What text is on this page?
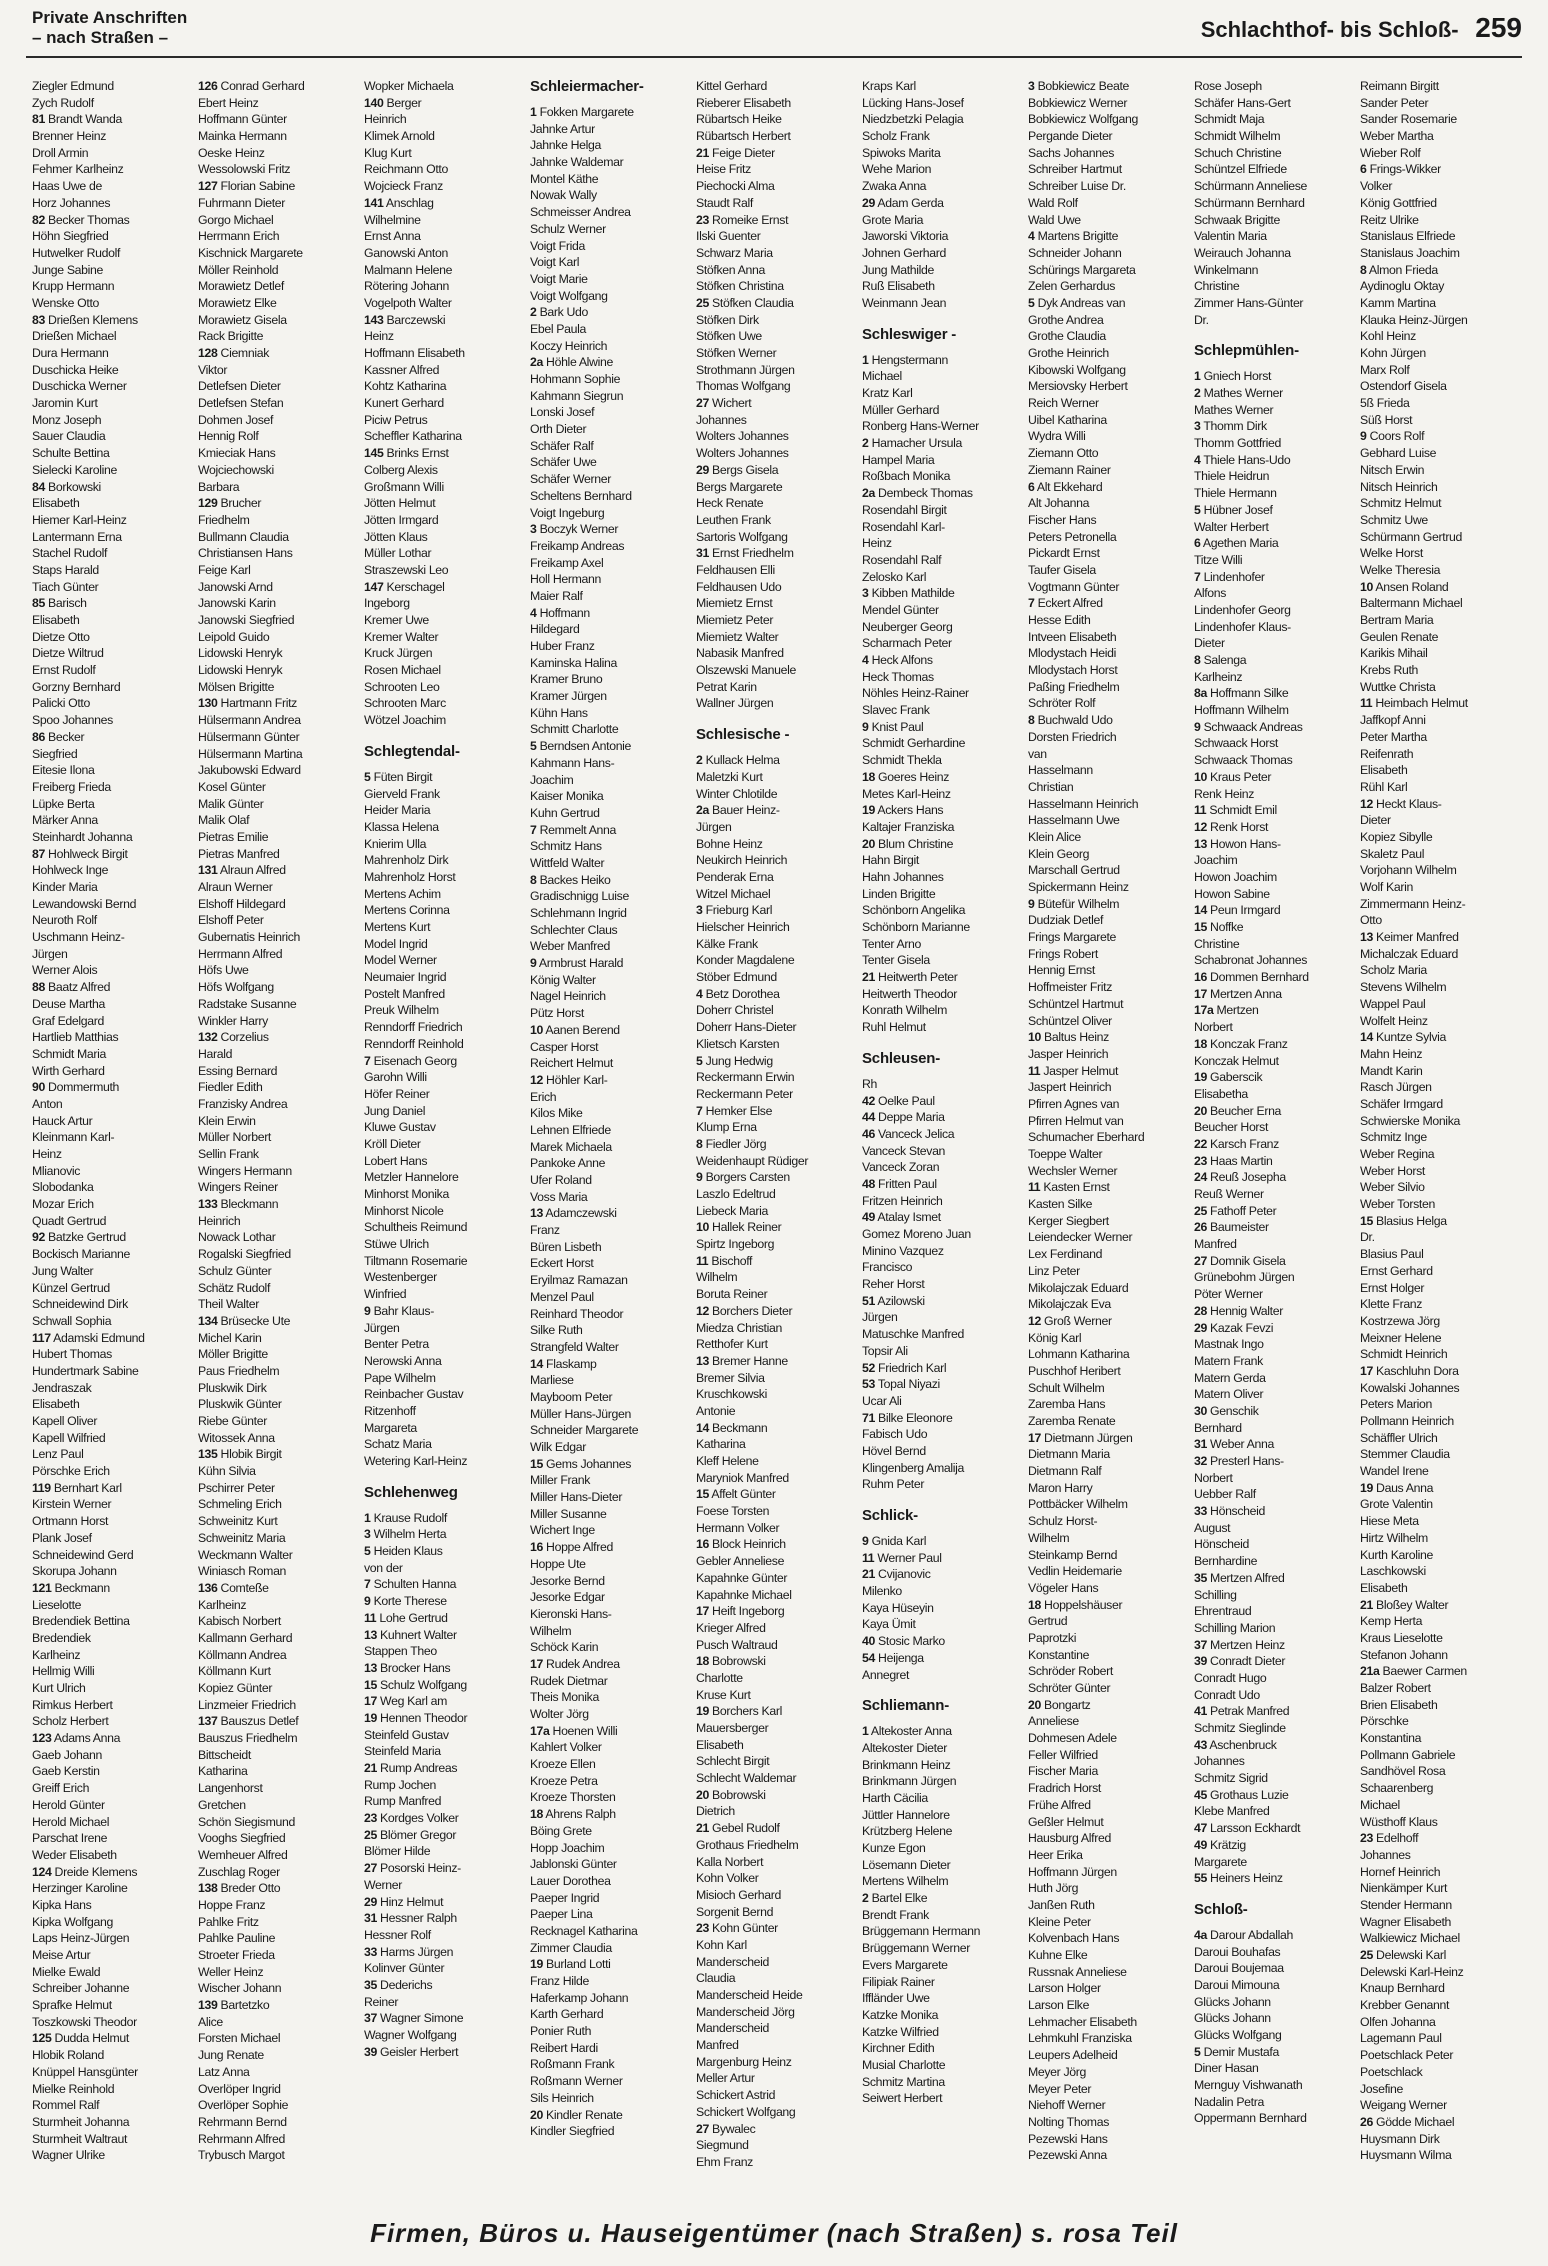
Private Anschriften
– nach Straßen –	Schlachthof- bis Schloß- 259
Ziegler Edmund
Zych Rudolf
81 Brandt Wanda
Brenner Heinz
Droll Armin
Fehmer Karlheinz
Haas Uwe de
Horz Johannes
82 Becker Thomas
Höhn Siegfried
Hutwelker Rudolf
Junge Sabine
Krupp Hermann
Wenske Otto
83 Drießen Klemens
Drießen Michael
Dura Hermann
Duschicka Heike
Duschicka Werner
Jaromin Kurt
Monz Joseph
Sauer Claudia
Schulte Bettina
Sielecki Karoline
84 Borkowski
Elisabeth
Hiemer Karl-Heinz
Lantermann Erna
Stachel Rudolf
Staps Harald
Tiach Günter
85 Barisch
Elisabeth
Dietze Otto
Dietze Wiltrud
Ernst Rudolf
Gorzny Bernhard
Palicki Otto
Spoo Johannes
86 Becker
Siegfried
Eitesie Ilona
Freiberg Frieda
Lüpke Berta
Märker Anna
Steinhardt Johanna
87 Hohlweck Birgit
Hohlweck Inge
Kinder Maria
Lewandowski Bernd
Neuroth Rolf
Uschmann Heinz-
Jürgen
Werner Alois
88 Baatz Alfred
Deuse Martha
Graf Edelgard
Hartlieb Matthias
Schmidt Maria
Wirth Gerhard
90 Dommermuth
Anton
Hauck Artur
Kleinmann Karl-
Heinz
Mlianovic
Slobodanka
Mozar Erich
Quadt Gertrud
92 Batzke Gertrud
Bockisch Marianne
Jung Walter
Künzel Gertrud
Schneidewind Dirk
Schwall Sophia
117 Adamski Edmund
Hubert Thomas
Hundertmark Sabine
Jendraszak
Elisabeth
Kapell Oliver
Kapell Wilfried
Lenz Paul
Pörschke Erich
119 Bernhart Karl
Kirstein Werner
Ortmann Horst
Plank Josef
Schneidewind Gerd
Skorupa Johann
121 Beckmann
Lieselotte
Bredendiek Bettina
Bredendiek
Karlheinz
Hellmig Willi
Kurt Ulrich
Rimkus Herbert
Scholz Herbert
123 Adams Anna
Gaeb Johann
Gaeb Kerstin
Greiff Erich
Herold Günter
Herold Michael
Parschat Irene
Weder Elisabeth
124 Dreide Klemens
Herzinger Karoline
Kipka Hans
Kipka Wolfgang
Laps Heinz-Jürgen
Meise Artur
Mielke Ewald
Schreiber Johanne
Sprafke Helmut
Toszkowski Theodor
125 Dudda Helmut
Hlobik Roland
Knüppel Hansgünter
Mielke Reinhold
Rommel Ralf
Sturmheit Johanna
Sturmheit Waltraut
Wagner Ulrike
126 Conrad Gerhard
Ebert Heinz
Hoffmann Günter
Mainka Hermann
Oeske Heinz
Wessolowski Fritz
127 Florian Sabine
Fuhrmann Dieter
Gorgo Michael
Herrmann Erich
Kischnick Margarete
Möller Reinhold
Morawietz Detlef
Morawietz Elke
Morawietz Gisela
Rack Brigitte
128 Ciemniak
Viktor
Detlefsen Dieter
Detlefsen Stefan
Dohmen Josef
Hennig Rolf
Kmieciak Hans
Wojciechowski
Barbara
129 Brucher
Friedhelm
Bullmann Claudia
Christiansen Hans
Feige Karl
Janowski Arnd
Janowski Karin
Janowski Siegfried
Leipold Guido
Lidowski Henryk
Lidowski Henryk
Mölsen Brigitte
130 Hartmann Fritz
Hülsermann Andrea
Hülsermann Günter
Hülsermann Martina
Jakubowski Edward
Kosel Günter
Malik Günter
Malik Olaf
Pietras Emilie
Pietras Manfred
131 Alraun Alfred
Alraun Werner
Elshoff Hildegard
Elshoff Peter
Gubernatis Heinrich
Herrmann Alfred
Höfs Uwe
Höfs Wolfgang
Radstake Susanne
Winkler Harry
132 Corzelius
Harald
Essing Bernard
Fiedler Edith
Franzisky Andrea
Klein Erwin
Müller Norbert
Sellin Frank
Wingers Hermann
Wingers Reiner
133 Bleckmann
Heinrich
Nowack Lothar
Rogalski Siegfried
Schulz Günter
Schätz Rudolf
Theil Walter
134 Brüsecke Ute
Michel Karin
Möller Brigitte
Paus Friedhelm
Pluskwik Dirk
Pluskwik Günter
Riebe Günter
Witossek Anna
135 Hlobik Birgit
Kühn Silvia
Pschirrer Peter
Schmeling Erich
Schweinitz Kurt
Schweinitz Maria
Weckmann Walter
Winiasch Roman
136 Comteße
Karlheinz
Kabisch Norbert
Kallmann Gerhard
Köllmann Andrea
Köllmann Kurt
Kopiez Günter
Linzmeier Friedrich
137 Bauszus Detlef
Bauszus Friedhelm
Bittscheidt
Katharina
Langenhorst
Gretchen
Schön Siegismund
Vooghs Siegfried
Wemheuer Alfred
Zuschlag Roger
138 Breder Otto
Hoppe Franz
Pahlke Fritz
Pahlke Pauline
Stroeter Frieda
Weller Heinz
Wischer Johann
139 Bartetzko
Alice
Forsten Michael
Jung Renate
Latz Anna
Overlöper Ingrid
Overlöper Sophie
Rehrmann Bernd
Rehrmann Alfred
Trybusch Margot
Wopker Michaela
140 Berger
Heinrich
Klimek Arnold
Klug Kurt
Reichmann Otto
Wojcieck Franz
141 Anschlag
Wilhelmine
Ernst Anna
Ganowski Anton
Malmann Helene
Rötering Johann
Vogelpoth Walter
143 Barczewski
Heinz
Hoffmann Elisabeth
Kassner Alfred
Kohtz Katharina
Kunert Gerhard
Piciw Petrus
Scheffler Katharina
145 Brinks Ernst
Colberg Alexis
Großmann Willi
Jötten Helmut
Jötten Irmgard
Jötten Klaus
Müller Lothar
Straszewski Leo
147 Kerschagel
Ingeborg
Kremer Uwe
Kremer Walter
Kruck Jürgen
Rosen Michael
Schrooten Leo
Schrooten Marc
Wötzel Joachim
Schlegtendal-
5 Füten Birgit
Gierveld Frank
Heider Maria
Klassa Helena
Knierim Ulla
Mahrenholz Dirk
Mahrenholz Horst
Mertens Achim
Mertens Corinna
Mertens Kurt
Model Ingrid
Model Werner
Neumaier Ingrid
Postelt Manfred
Preuk Wilhelm
Renndorff Friedrich
Renndorff Reinhold
7 Eisenach Georg
Garohn Willi
Höfer Reiner
Jung Daniel
Kluwe Gustav
Kröll Dieter
Lobert Hans
Metzler Hannelore
Minhorst Monika
Minhorst Nicole
Schultheis Reimund
Stüwe Ulrich
Tiltmann Rosemarie
Westenberger
Winfried
9 Bahr Klaus-
Jürgen
Benter Petra
Nerowski Anna
Pape Wilhelm
Reinbacher Gustav
Ritzenhoff
Margareta
Schatz Maria
Wetering Karl-Heinz
Schlehenweg
1 Krause Rudolf
3 Wilhelm Herta
5 Heiden Klaus
von der
7 Schulten Hanna
9 Korte Therese
11 Lohe Gertrud
13 Kuhnert Walter
Stappen Theo
13 Brocker Hans
15 Schulz Wolfgang
17 Weg Karl am
19 Hennen Theodor
Steinfeld Gustav
Steinfeld Maria
21 Rump Andreas
Rump Jochen
Rump Manfred
23 Kordges Volker
25 Blömer Gregor
Blömer Hilde
27 Posorski Heinz-
Werner
29 Hinz Helmut
31 Hessner Ralph
Hessner Rolf
33 Harms Jürgen
Kolinver Günter
35 Dederichs
Reiner
37 Wagner Simone
Wagner Wolfgang
39 Geisler Herbert
Schleiermacher-
1 Fokken Margarete
Jahnke Artur
Jahnke Helga
Jahnke Waldemar
Montel Käthe
Nowak Wally
Schmeisser Andrea
Schulz Werner
Voigt Frida
Voigt Karl
Voigt Marie
Voigt Wolfgang
2 Bark Udo
Ebel Paula
Koczy Heinrich
2a Höhle Alwine
Hohmann Sophie
Kahmann Siegrun
Lonski Josef
Orth Dieter
Schäfer Ralf
Schäfer Uwe
Schäfer Werner
Scheltens Bernhard
Voigt Ingeburg
3 Boczyk Werner
Freikamp Andreas
Freikamp Axel
Holl Hermann
Maier Ralf
4 Hoffmann
Hildegard
Huber Franz
Kaminska Halina
Kramer Bruno
Kramer Jürgen
Kühn Hans
Schmitt Charlotte
5 Berndsen Antonie
Kahmann Hans-
Joachim
Kaiser Monika
Kuhn Gertrud
7 Remmelt Anna
Schmitz Hans
Wittfeld Walter
8 Backes Heiko
Gradischnigg Luise
Schlehmann Ingrid
Schlechter Claus
Weber Manfred
9 Armbrust Harald
König Walter
Nagel Heinrich
Pütz Horst
10 Aanen Berend
Casper Horst
Reichert Helmut
12 Höhler Karl-
Erich
Kilos Mike
Lehnen Elfriede
Marek Michaela
Pankoke Anne
Ufer Roland
Voss Maria
13 Adamczewski
Franz
Büren Lisbeth
Eckert Horst
Eryilmaz Ramazan
Menzel Paul
Reinhard Theodor
Silke Ruth
Strangfeld Walter
14 Flaskamp
Marliese
Mayboom Peter
Müller Hans-Jürgen
Schneider Margarete
Wilk Edgar
15 Gems Johannes
Miller Frank
Miller Hans-Dieter
Miller Susanne
Wichert Inge
16 Hoppe Alfred
Hoppe Ute
Jesorke Bernd
Jesorke Edgar
Kieronski Hans-
Wilhelm
Schöck Karin
17 Rudek Andrea
Rudek Dietmar
Theis Monika
Wolter Jörg
17a Hoenen Willi
Kahlert Volker
Kroeze Ellen
Kroeze Petra
Kroeze Thorsten
18 Ahrens Ralph
Böing Grete
Hopp Joachim
Jablonski Günter
Lauer Dorothea
Paeper Ingrid
Paeper Lina
Recknagel Katharina
Zimmer Claudia
19 Burland Lotti
Franz Hilde
Haferkamp Johann
Karth Gerhard
Ponier Ruth
Reibert Hardi
Roßmann Frank
Roßmann Werner
Sils Heinrich
20 Kindler Renate
Kindler Siegfried
Kittel Gerhard
Rieberer Elisabeth
Rübartsch Heike
Rübartsch Herbert
21 Feige Dieter
Heise Fritz
Piechocki Alma
Staudt Ralf
23 Romeike Ernst
Ilski Guenter
Schwarz Maria
Stöfken Anna
Stöfken Christina
25 Stöfken Claudia
Stöfken Dirk
Stöfken Uwe
Stöfken Werner
Strothmann Jürgen
Thomas Wolfgang
27 Wichert
Johannes
Wolters Johannes
Wolters Johannes
29 Bergs Gisela
Bergs Margarete
Heck Renate
Leuthen Frank
Sartoris Wolfgang
31 Ernst Friedhelm
Feldhausen Elli
Feldhausen Udo
Miemietz Ernst
Miemietz Peter
Miemietz Walter
Nabasik Manfred
Olszewski Manuele
Petrat Karin
Wallner Jürgen
Schlesische -
2 Kullack Helma
Maletzki Kurt
Winter Chlotilde
2a Bauer Heinz-
Jürgen
Bohne Heinz
Neukirch Heinrich
Penderak Erna
Witzel Michael
3 Frieburg Karl
Hielscher Heinrich
Kälke Frank
Konder Magdalene
Stöber Edmund
4 Betz Dorothea
Doherr Christel
Doherr Hans-Dieter
Klietsch Karsten
5 Jung Hedwig
Reckermann Erwin
Reckermann Peter
7 Hemker Else
Klump Erna
8 Fiedler Jörg
Weidenhaupt Rüdiger
9 Borgers Carsten
Laszlo Edeltrud
Liebeck Maria
10 Hallek Reiner
Spirtz Ingeborg
11 Bischoff
Wilhelm
Boruta Reiner
12 Borchers Dieter
Miedza Christian
Retthofer Kurt
13 Bremer Hanne
Bremer Silvia
Kruschkowski
Antonie
14 Beckmann
Katharina
Kleff Helene
Maryniok Manfred
15 Affelt Günter
Foese Torsten
Hermann Volker
16 Block Heinrich
Gebler Anneliese
Kapahnke Günter
Kapahnke Michael
17 Heift Ingeborg
Krieger Alfred
Pusch Waltraud
18 Bobrowski
Charlotte
Kruse Kurt
19 Borchers Karl
Mauersberger
Elisabeth
Schlecht Birgit
Schlecht Waldemar
20 Bobrowski
Dietrich
21 Gebel Rudolf
Grothaus Friedhelm
Kalla Norbert
Kohn Volker
Misioch Gerhard
Sorgenit Bernd
23 Kohn Günter
Kohn Karl
Manderscheid
Claudia
Manderscheid Heide
Manderscheid Jörg
Manderscheid
Manfred
Margenburg Heinz
Meller Artur
Schickert Astrid
Schickert Wolfgang
27 Bywalec
Siegmund
Ehm Franz
Kraps Karl
Lücking Hans-Josef
Niedzbetzki Pelagia
Scholz Frank
Spiwoks Marita
Wehe Marion
Zwaka Anna
29 Adam Gerda
Grote Maria
Jaworski Viktoria
Johnen Gerhard
Jung Mathilde
Ruß Elisabeth
Weinmann Jean
Schleswiger -
1 Hengstermann
Michael
Kratz Karl
Müller Gerhard
Ronberg Hans-Werner
2 Hamacher Ursula
Hampel Maria
Roßbach Monika
2a Dembeck Thomas
Rosendahl Birgit
Rosendahl Karl-
Heinz
Rosendahl Ralf
Zelosko Karl
3 Kibben Mathilde
Mendel Günter
Neuberger Georg
Scharmach Peter
4 Heck Alfons
Heck Thomas
Nöhles Heinz-Rainer
Slavec Frank
9 Knist Paul
Schmidt Gerhardine
Schmidt Thekla
18 Goeres Heinz
Metes Karl-Heinz
19 Ackers Hans
Kaltajer Franziska
20 Blum Christine
Hahn Birgit
Hahn Johannes
Linden Brigitte
Schönborn Angelika
Schönborn Marianne
Tenter Arno
Tenter Gisela
21 Heitwerth Peter
Heitwerth Theodor
Konrath Wilhelm
Ruhl Helmut
Schleusen-
Rh
42 Oelke Paul
44 Deppe Maria
46 Vanceck Jelica
Vanceck Stevan
Vanceck Zoran
48 Fritten Paul
Fritzen Heinrich
49 Atalay Ismet
Gomez Moreno Juan
Minino Vazquez
Francisco
Reher Horst
51 Azilowski
Jürgen
Matuschke Manfred
Topsir Ali
52 Friedrich Karl
53 Topal Niyazi
Ucar Ali
71 Bilke Eleonore
Fabisch Udo
Hövel Bernd
Klingenberg Amalija
Ruhm Peter
Schlick-
9 Gnida Karl
11 Werner Paul
21 Cvijanovic
Milenko
Kaya Hüseyin
Kaya Ümit
40 Stosic Marko
54 Heijenga
Annegret
Schliemann-
1 Altekoster Anna
Altekoster Dieter
Brinkmann Heinz
Brinkmann Jürgen
Harth Cäcilia
Jüttler Hannelore
Krützberg Helene
Kunze Egon
Lösemann Dieter
Mertens Wilhelm
2 Bartel Elke
Brendt Frank
Brüggemann Hermann
Brüggemann Werner
Evers Margarete
Filipiak Rainer
Iffländer Uwe
Katzke Monika
Katzke Wilfried
Kirchner Edith
Musial Charlotte
Schmitz Martina
Seiwert Herbert
3 Bobkiewicz Beate
Bobkiewicz Werner
Bobkiewicz Wolfgang
Pergande Dieter
Sachs Johannes
Schreiber Hartmut
Schreiber Luise Dr.
Wald Rolf
Wald Uwe
4 Martens Brigitte
Schneider Johann
Schürings Margareta
Zelen Gerhardus
5 Dyk Andreas van
Grothe Andrea
Grothe Claudia
Grothe Heinrich
Kibowski Wolfgang
Mersiovsky Herbert
Reich Werner
Uibel Katharina
Wydra Willi
Ziemann Otto
Ziemann Rainer
6 Alt Ekkehard
Alt Johanna
Fischer Hans
Peters Petronella
Pickardt Ernst
Taufer Gisela
Vogtmann Günter
7 Eckert Alfred
Hesse Edith
Intveen Elisabeth
Mlodystach Heidi
Mlodystach Horst
Paßing Friedhelm
Schröter Rolf
8 Buchwald Udo
Dorsten Friedrich
van
Hasselmann
Christian
Hasselmann Heinrich
Hasselmann Uwe
Klein Alice
Klein Georg
Marschall Gertrud
Spickermann Heinz
9 Bütefür Wilhelm
Dudziak Detlef
Frings Margarete
Frings Robert
Hennig Ernst
Hoffmeister Fritz
Schüntzel Hartmut
Schüntzel Oliver
10 Baltus Heinz
Jasper Heinrich
11 Jasper Helmut
Jaspert Heinrich
Pfirren Agnes van
Pfirren Helmut van
Schumacher Eberhard
Toeppe Walter
Wechsler Werner
11 Kasten Ernst
Kasten Silke
Kerger Siegbert
Leiendecker Werner
Lex Ferdinand
Linz Peter
Mikolajczak Eduard
Mikolajczak Eva
12 Groß Werner
König Karl
Lohmann Katharina
Puschhof Heribert
Schult Wilhelm
Zaremba Hans
Zaremba Renate
17 Dietmann Jürgen
Dietmann Maria
Dietmann Ralf
Maron Harry
Pottbäcker Wilhelm
Schulz Horst-
Wilhelm
Steinkamp Bernd
Vedlin Heidemarie
Vögeler Hans
18 Hoppelshäuser
Gertrud
Paprotzki
Konstantine
Schröder Robert
Schröter Günter
20 Bongartz
Anneliese
Dohmesen Adele
Feller Wilfried
Fischer Maria
Fradrich Horst
Frühe Alfred
Geßler Helmut
Hausburg Alfred
Heer Erika
Hoffmann Jürgen
Huth Jörg
Janßen Ruth
Kleine Peter
Kolvenbach Hans
Kuhne Elke
Russnak Anneliese
Larson Holger
Larson Elke
Lehmacher Elisabeth
Lehmkuhl Franziska
Leupers Adelheid
Meyer Jörg
Meyer Peter
Niehoff Werner
Nolting Thomas
Pezewski Hans
Pezewski Anna
Rose Joseph
Schäfer Hans-Gert
Schmidt Maja
Schmidt Wilhelm
Schuch Christine
Schüntzel Elfriede
Schürmann Anneliese
Schürmann Bernhard
Schwaak Brigitte
Valentin Maria
Weirauch Johanna
Winkelmann
Christine
Zimmer Hans-Günter
Dr.
Schlepmühlen-
1 Gniech Horst
2 Mathes Werner
Mathes Werner
3 Thomm Dirk
Thomm Gottfried
4 Thiele Hans-Udo
Thiele Heidrun
Thiele Hermann
5 Hübner Josef
Walter Herbert
6 Agethen Maria
Titze Willi
7 Lindenhofer
Alfons
Lindenhofer Georg
Lindenhofer Klaus-
Dieter
8 Salenga
Karlheinz
8a Hoffmann Silke
Hoffmann Wilhelm
9 Schwaack Andreas
Schwaack Horst
Schwaack Thomas
10 Kraus Peter
Renk Heinz
11 Schmidt Emil
12 Renk Horst
13 Howon Hans-
Joachim
Howon Joachim
Howon Sabine
14 Peun Irmgard
15 Noffke
Christine
Schabronat Johannes
16 Dommen Bernhard
17 Mertzen Anna
17a Mertzen
Norbert
18 Konczak Franz
Konczak Helmut
19 Gaberscik
Elisabetha
20 Beucher Erna
Beucher Horst
22 Karsch Franz
23 Haas Martin
24 Reuß Josepha
Reuß Werner
25 Fathoff Peter
26 Baumeister
Manfred
27 Domnik Gisela
Grünebohm Jürgen
Pöter Werner
28 Hennig Walter
29 Kazak Fevzi
Mastnak Ingo
Matern Frank
Matern Gerda
Matern Oliver
30 Genschik
Bernhard
31 Weber Anna
32 Presterl Hans-
Norbert
Uebber Ralf
33 Hönscheid
August
Hönscheid
Bernhardine
35 Mertzen Alfred
Schilling
Ehrentraud
Schilling Marion
37 Mertzen Heinz
39 Conradt Dieter
Conradt Hugo
Conradt Udo
41 Petrak Manfred
Schmitz Sieglinde
43 Aschenbruck
Johannes
Schmitz Sigrid
45 Grothaus Luzie
Klebe Manfred
47 Larsson Eckhardt
49 Krätzig
Margarete
55 Heiners Heinz
Schloß-
4a Darour Abdallah
Daroui Bouhafas
Daroui Boujemaa
Daroui Mimouna
Glücks Johann
Glücks Johann
Glücks Wolfgang
5 Demir Mustafa
Diner Hasan
Mernguy Vishwanath
Nadalin Petra
Oppermann Bernhard
Reimann Birgitt
Sander Peter
Sander Rosemarie
Weber Martha
Wieber Rolf
6 Frings-Wikker
Volker
König Gottfried
Reitz Ulrike
Stanislaus Elfriede
Stanislaus Joachim
8 Almon Frieda
Aydinoglu Oktay
Kamm Martina
Klauka Heinz-Jürgen
Kohl Heinz
Kohn Jürgen
Marx Rolf
Ostendorf Gisela
5ß Frieda
Süß Horst
9 Coors Rolf
Gebhard Luise
Nitsch Erwin
Nitsch Heinrich
Schmitz Helmut
Schmitz Uwe
Schürmann Gertrud
Welke Horst
Welke Theresia
10 Ansen Roland
Baltermann Michael
Bertram Maria
Geulen Renate
Karikis Mihail
Krebs Ruth
Wuttke Christa
11 Heimbach Helmut
Jaffkopf Anni
Peter Martha
Reifenrath
Elisabeth
Rühl Karl
12 Heckt Klaus-
Dieter
Kopiez Sibylle
Skaletz Paul
Vorjohann Wilhelm
Wolf Karin
Zimmermann Heinz-
Otto
13 Keimer Manfred
Michalczak Eduard
Scholz Maria
Stevens Wilhelm
Wappel Paul
Wolfelt Heinz
14 Kuntze Sylvia
Mahn Heinz
Mandt Karin
Rasch Jürgen
Schäfer Irmgard
Schwierske Monika
Schmitz Inge
Weber Regina
Weber Horst
Weber Silvio
Weber Torsten
15 Blasius Helga
Dr.
Blasius Paul
Ernst Gerhard
Ernst Holger
Klette Franz
Kostrzewa Jörg
Meixner Helene
Schmidt Heinrich
17 Kaschluhn Dora
Kowalski Johannes
Peters Marion
Pollmann Heinrich
Schäffler Ulrich
Stemmer Claudia
Wandel Irene
19 Daus Anna
Grote Valentin
Hiese Meta
Hirtz Wilhelm
Kurth Karoline
Laschkowski
Elisabeth
21 Bloßey Walter
Kemp Herta
Kraus Lieselotte
Stefanon Johann
21a Baewer Carmen
Balzer Robert
Brien Elisabeth
Pörschke
Konstantina
Pollmann Gabriele
Sandhövel Rosa
Schaarenberg
Michael
Wüsthoff Klaus
23 Edelhoff
Johannes
Hornef Heinrich
Nienkämper Kurt
Stender Hermann
Wagner Elisabeth
Walkiewicz Michael
25 Delewski Karl
Delewski Karl-Heinz
Knaup Bernhard
Krebber Genannt
Olfen Johanna
Lagemann Paul
Poetschlack Peter
Poetschlack
Josefine
Weigang Werner
26 Gödde Michael
Huysmann Dirk
Huysmann Wilma
Firmen, Büros u. Hauseigentümer (nach Straßen) s. rosa Teil
